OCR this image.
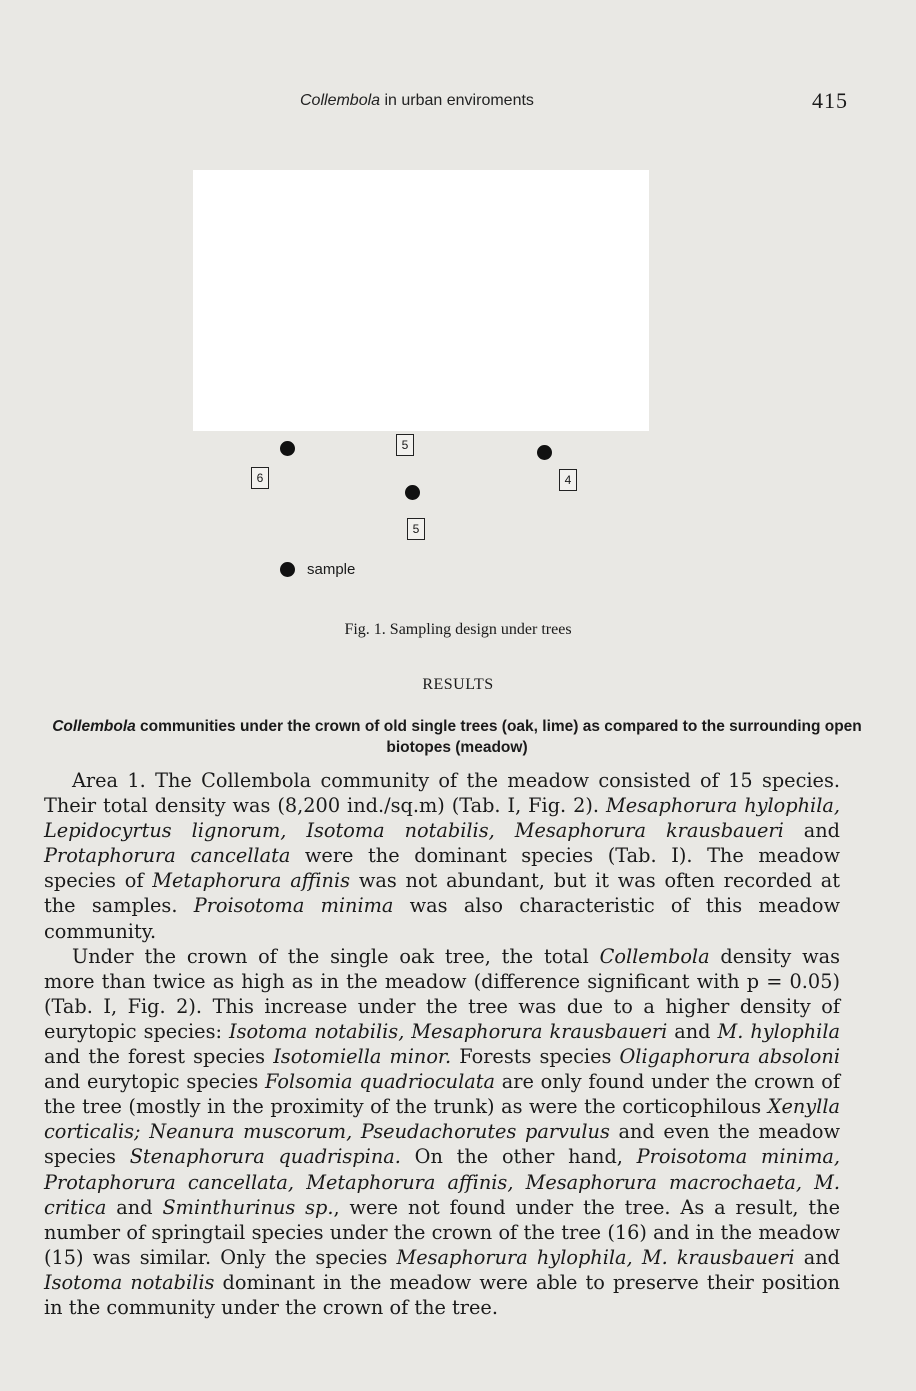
Collembola in urban enviroments	415
6
5
5
4
sample
Fig. 1. Sampling design under trees
RESULTS
Collembola communities under the crown of old single trees (oak, lime) as compared to the surrounding open biotopes (meadow)

Area 1. The Collembola community of the meadow consisted of 15 species. Their total density was (8,200 ind./sq.m) (Tab. I, Fig. 2). Mesaphorura hylophila, Lepidocyrtus lignorum, Isotoma notabilis, Mesaphorura krausbaueri and Protaphorura cancellata were the dominant species (Tab. I). The meadow species of Metaphorura affinis was not abundant, but it was often recorded at the samples. Proisotoma minima was also characteristic of this meadow community.

Under the crown of the single oak tree, the total Collembola density was more than twice as high as in the meadow (difference significant with p = 0.05) (Tab. I, Fig. 2). This increase under the tree was due to a higher density of eurytopic species: Isotoma notabilis, Mesaphorura krausbaueri and M. hylophila and the forest species Isotomiella minor. Forests species Oligaphorura absoloni and eurytopic species Folsomia quadrioculata are only found under the crown of the tree (mostly in the proximity of the trunk) as were the corticophilous Xenylla corticalis; Neanura muscorum, Pseudachorutes parvulus and even the meadow species Stenaphorura quadrispina. On the other hand, Proisotoma minima, Protaphorura cancellata, Metaphorura affinis, Mesaphorura macrochaeta, M. critica and Sminthurinus sp., were not found under the tree. As a result, the number of springtail species under the crown of the tree (16) and in the meadow (15) was similar. Only the species Mesaphorura hylophila, M. krausbaueri and Isotoma notabilis dominant in the meadow were able to preserve their position in the community under the crown of the tree.
